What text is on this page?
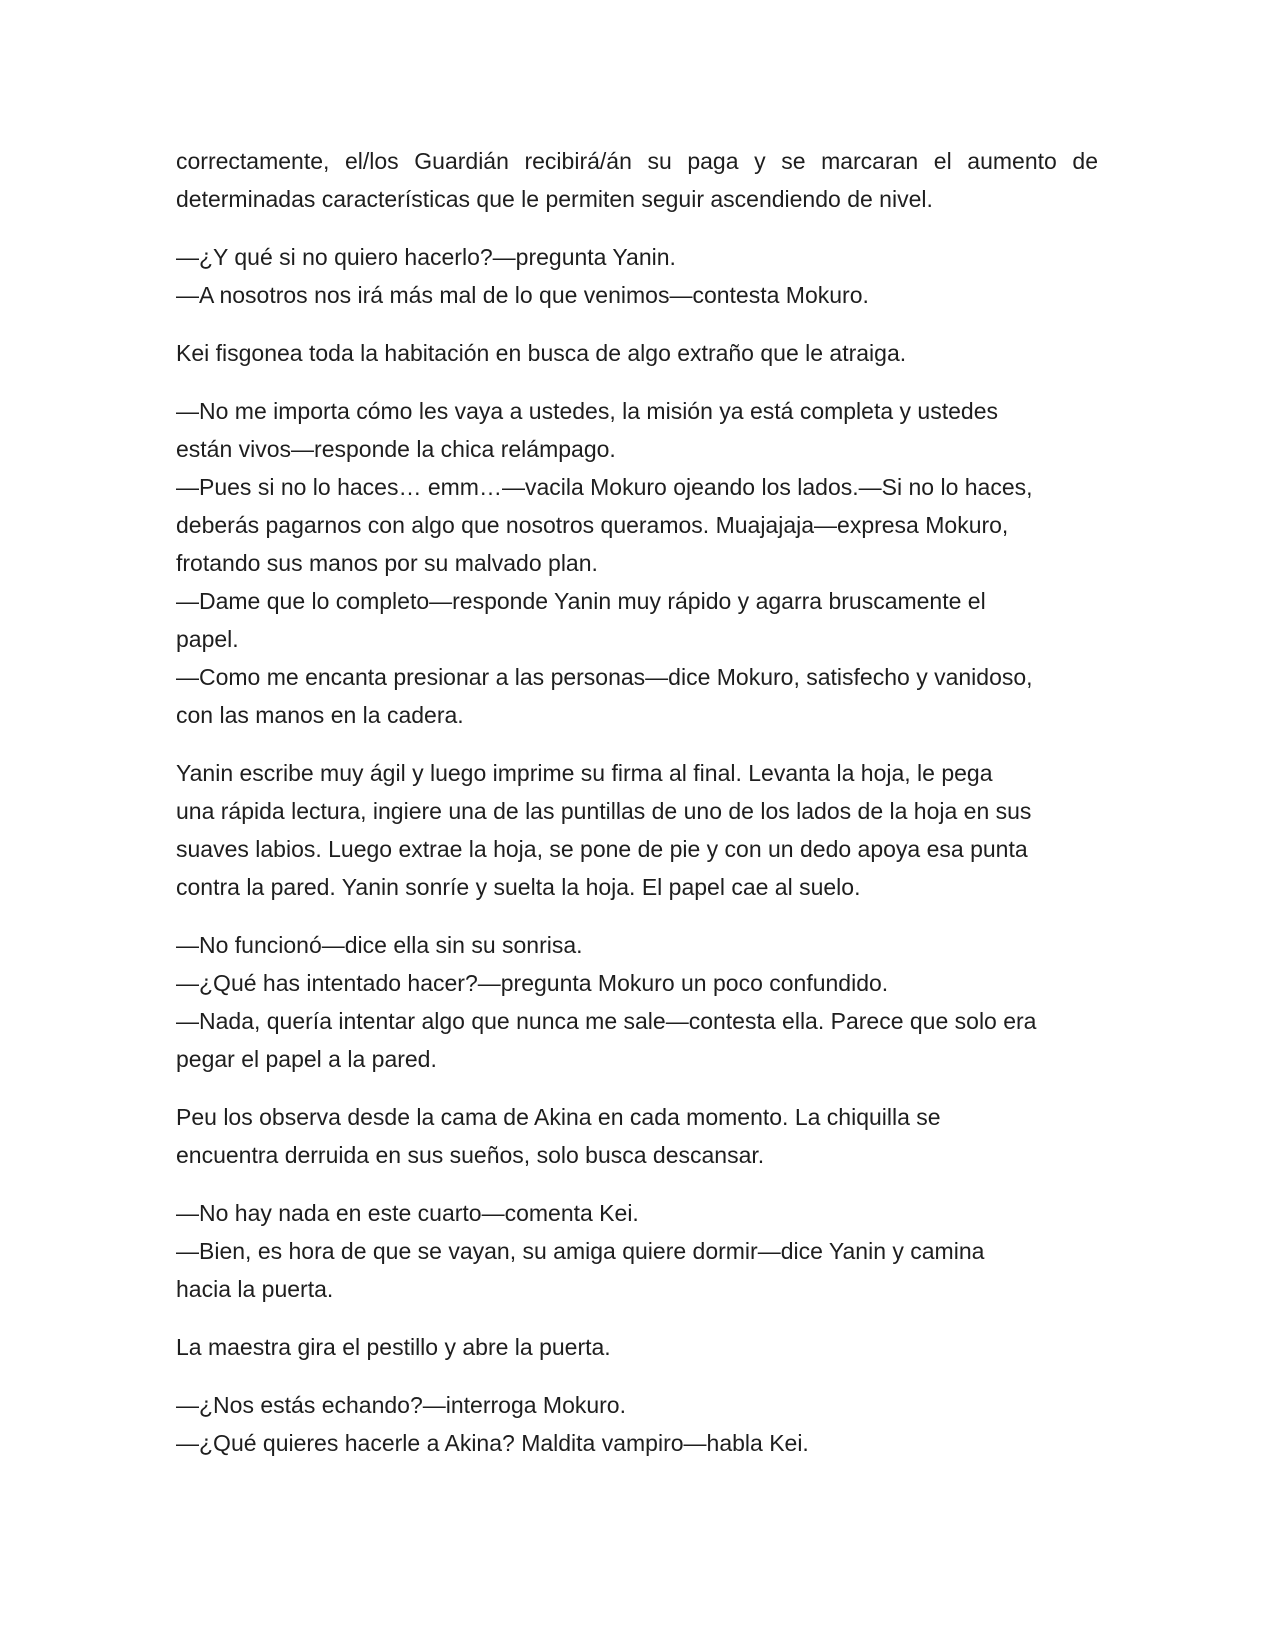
correctamente, el/los Guardián recibirá/án su paga y se marcaran el aumento de
determinadas características que le permiten seguir ascendiendo de nivel.

—¿Y qué si no quiero hacerlo?—pregunta Yanin.
—A nosotros nos irá más mal de lo que venimos—contesta Mokuro.

Kei fisgonea toda la habitación en busca de algo extraño que le atraiga.

—No me importa cómo les vaya a ustedes, la misión ya está completa y ustedes
están vivos—responde la chica relámpago.
—Pues si no lo haces… emm…—vacila Mokuro ojeando los lados.—Si no lo haces,
deberás pagarnos con algo que nosotros queramos. Muajajaja—expresa Mokuro,
frotando sus manos por su malvado plan.
—Dame que lo completo—responde Yanin muy rápido y agarra bruscamente el
papel.
—Como me encanta presionar a las personas—dice Mokuro, satisfecho y vanidoso,
con las manos en la cadera.

Yanin escribe muy ágil y luego imprime su firma al final. Levanta la hoja, le pega
una rápida lectura, ingiere una de las puntillas de uno de los lados de la hoja en sus
suaves labios. Luego extrae la hoja, se pone de pie y con un dedo apoya esa punta
contra la pared. Yanin sonríe y suelta la hoja. El papel cae al suelo.

—No funcionó—dice ella sin su sonrisa.
—¿Qué has intentado hacer?—pregunta Mokuro un poco confundido.
—Nada, quería intentar algo que nunca me sale—contesta ella. Parece que solo era
pegar el papel a la pared.

Peu los observa desde la cama de Akina en cada momento. La chiquilla se
encuentra derruida en sus sueños, solo busca descansar.

—No hay nada en este cuarto—comenta Kei.
—Bien, es hora de que se vayan, su amiga quiere dormir—dice Yanin y camina
hacia la puerta.

La maestra gira el pestillo y abre la puerta.

—¿Nos estás echando?—interroga Mokuro.
—¿Qué quieres hacerle a Akina? Maldita vampiro—habla Kei.
